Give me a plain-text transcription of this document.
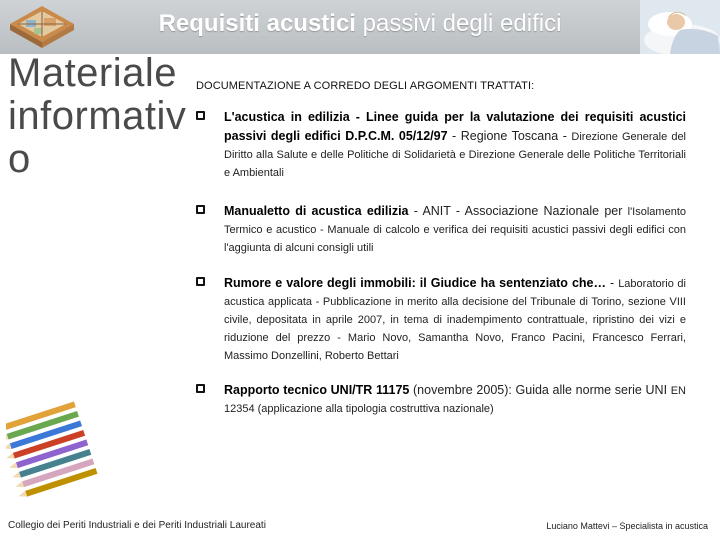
Requisiti acustici passivi degli edifici
Materiale informativo
DOCUMENTAZIONE A CORREDO DEGLI ARGOMENTI TRATTATI:
L'acustica in edilizia - Linee guida per la valutazione dei requisiti acustici passivi degli edifici D.P.C.M. 05/12/97 - Regione Toscana - Direzione Generale del Diritto alla Salute e delle Politiche di Solidarietà e Direzione Generale delle Politiche Territoriali e Ambientali
Manualetto di acustica edilizia - ANIT - Associazione Nazionale per l'Isolamento Termico e acustico - Manuale di calcolo e verifica dei requisiti acustici passivi degli edifici con l'aggiunta di alcuni consigli utili
Rumore e valore degli immobili: il Giudice ha sentenziato che… - Laboratorio di acustica applicata - Pubblicazione in merito alla decisione del Tribunale di Torino, sezione VIII civile, depositata in aprile 2007, in tema di inadempimento contrattuale, ripristino dei vizi e riduzione del prezzo - Mario Novo, Samantha Novo, Franco Pacini, Francesco Ferrari, Massimo Donzellini, Roberto Bettari
Rapporto tecnico UNI/TR 11175 (novembre 2005): Guida alle norme serie UNI EN 12354 (applicazione alla tipologia costruttiva nazionale)
Collegio dei Periti Industriali e dei Periti Industriali Laureati	Luciano Mattevi – Specialista in acustica
